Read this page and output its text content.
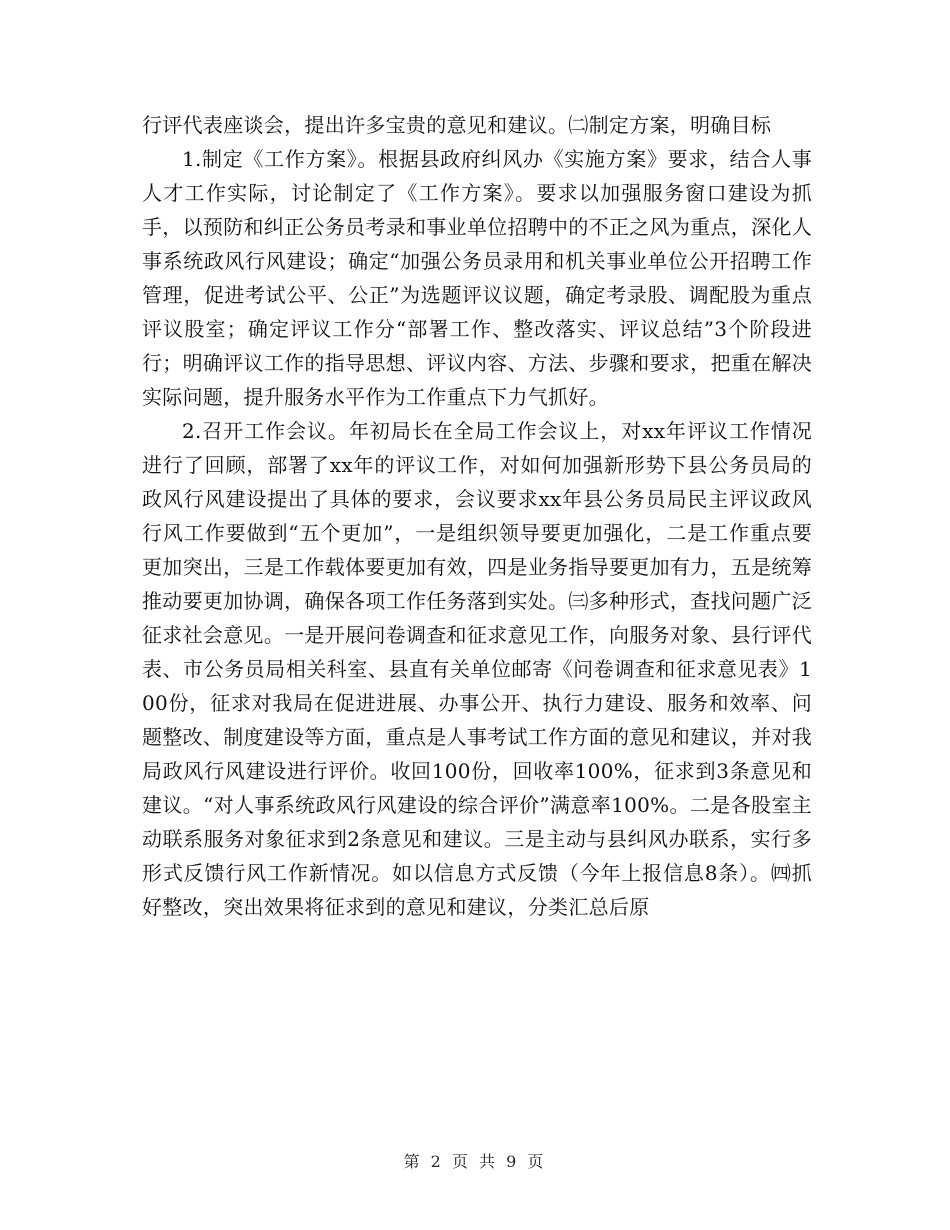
行评代表座谈会，提出许多宝贵的意见和建议。㈡制定方案，明确目标

1.制定《工作方案》。根据县政府纠风办《实施方案》要求，结合人事人才工作实际，讨论制定了《工作方案》。要求以加强服务窗口建设为抓手，以预防和纠正公务员考录和事业单位招聘中的不正之风为重点，深化人事系统政风行风建设；确定“加强公务员录用和机关事业单位公开招聘工作管理，促进考试公平、公正”为选题评议议题，确定考录股、调配股为重点评议股室；确定评议工作分“部署工作、整改落实、评议总结”3个阶段进行；明确评议工作的指导思想、评议内容、方法、步骤和要求，把重在解决实际问题，提升服务水平作为工作重点下力气抓好。

2.召开工作会议。年初局长在全局工作会议上，对xx年评议工作情况进行了回顾，部署了xx年的评议工作，对如何加强新形势下县公务员局的政风行风建设提出了具体的要求，会议要求xx年县公务员局民主评议政风行风工作要做到“五个更加”，一是组织领导要更加强化，二是工作重点要更加突出，三是工作载体要更加有效，四是业务指导要更加有力，五是统筹推动要更加协调，确保各项工作任务落到实处。㈢多种形式，查找问题广泛征求社会意见。一是开展问卷调查和征求意见工作，向服务对象、县行评代表、市公务员局相关科室、县直有关单位邮寄《问卷调查和征求意见表》100份，征求对我局在促进进展、办事公开、执行力建设、服务和效率、问题整改、制度建设等方面，重点是人事考试工作方面的意见和建议，并对我局政风行风建设进行评价。收回100份，回收率100%，征求到3条意见和建议。“对人事系统政风行风建设的综合评价”满意率100%。二是各股室主动联系服务对象征求到2条意见和建议。三是主动与县纠风办联系，实行多形式反馈行风工作新情况。如以信息方式反馈（今年上报信息8条）。㈣抓好整改，突出效果将征求到的意见和建议，分类汇总后原

第 2 页 共 9 页
